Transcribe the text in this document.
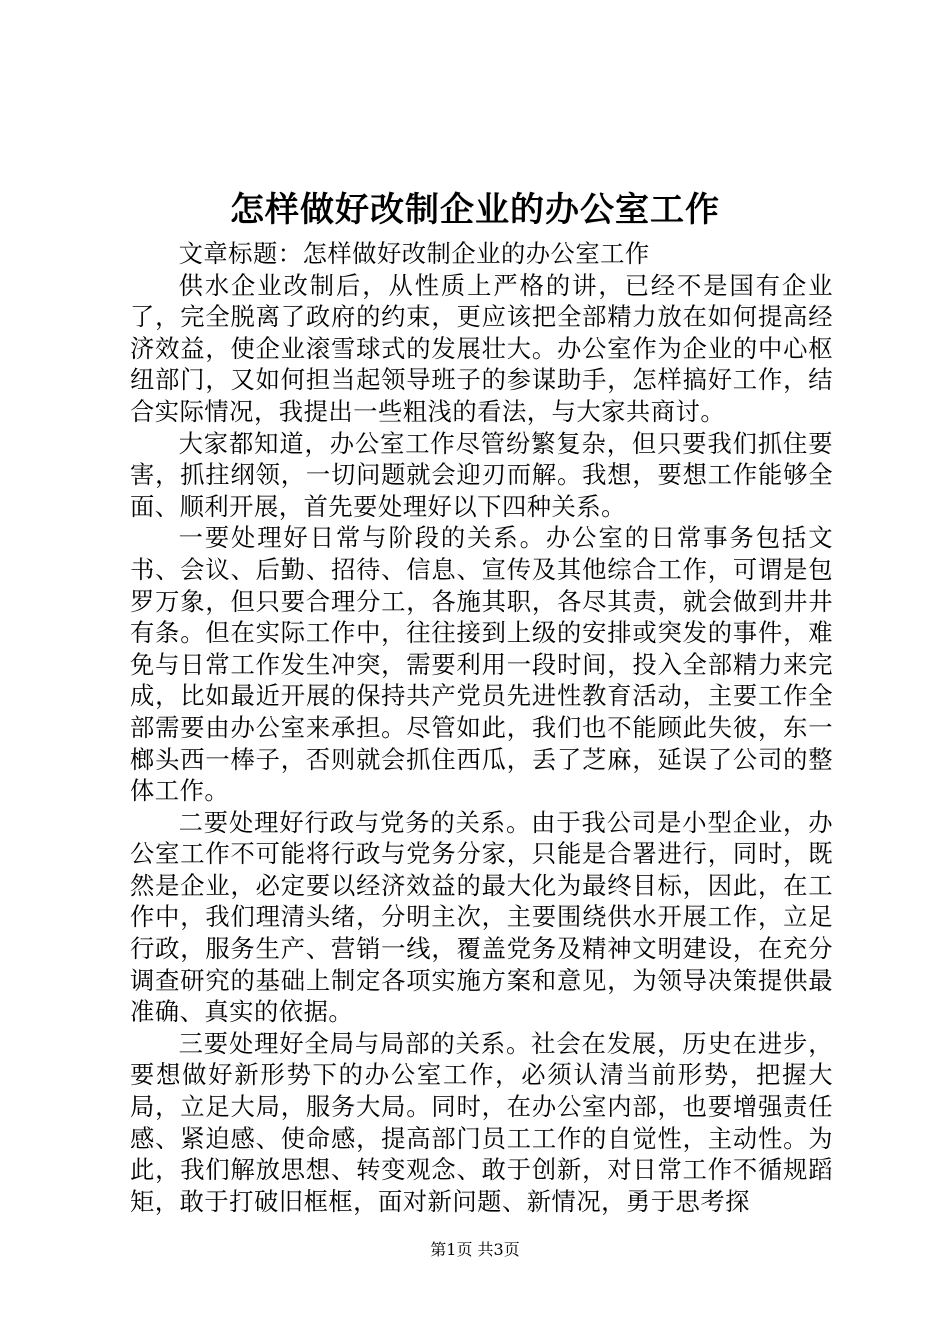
怎样做好改制企业的办公室工作

文章标题：怎样做好改制企业的办公室工作

供水企业改制后，从性质上严格的讲，已经不是国有企业了，完全脱离了政府的约束，更应该把全部精力放在如何提高经济效益，使企业滚雪球式的发展壮大。办公室作为企业的中心枢纽部门，又如何担当起领导班子的参谋助手，怎样搞好工作，结合实际情况，我提出一些粗浅的看法，与大家共商讨。

大家都知道，办公室工作尽管纷繁复杂，但只要我们抓住要害，抓拄纲领，一切问题就会迎刃而解。我想，要想工作能够全面、顺利开展，首先要处理好以下四种关系。

一要处理好日常与阶段的关系。办公室的日常事务包括文书、会议、后勤、招待、信息、宣传及其他综合工作，可谓是包罗万象，但只要合理分工，各施其职，各尽其责，就会做到井井有条。但在实际工作中，往往接到上级的安排或突发的事件，难免与日常工作发生冲突，需要利用一段时间，投入全部精力来完成，比如最近开展的保持共产党员先进性教育活动，主要工作全部需要由办公室来承担。尽管如此，我们也不能顾此失彼，东一榔头西一棒子，否则就会抓住西瓜，丢了芝麻，延误了公司的整体工作。

二要处理好行政与党务的关系。由于我公司是小型企业，办公室工作不可能将行政与党务分家，只能是合署进行，同时，既然是企业，必定要以经济效益的最大化为最终目标，因此，在工作中，我们理清头绪，分明主次，主要围绕供水开展工作，立足行政，服务生产、营销一线，覆盖党务及精神文明建设，在充分调查研究的基础上制定各项实施方案和意见，为领导决策提供最准确、真实的依据。

三要处理好全局与局部的关系。社会在发展，历史在进步，要想做好新形势下的办公室工作，必须认清当前形势，把握大局，立足大局，服务大局。同时，在办公室内部，也要增强责任感、紧迫感、使命感，提高部门员工工作的自觉性，主动性。为此，我们解放思想、转变观念、敢于创新，对日常工作不循规蹈矩，敢于打破旧框框，面对新问题、新情况，勇于思考探

第1页 共3页
